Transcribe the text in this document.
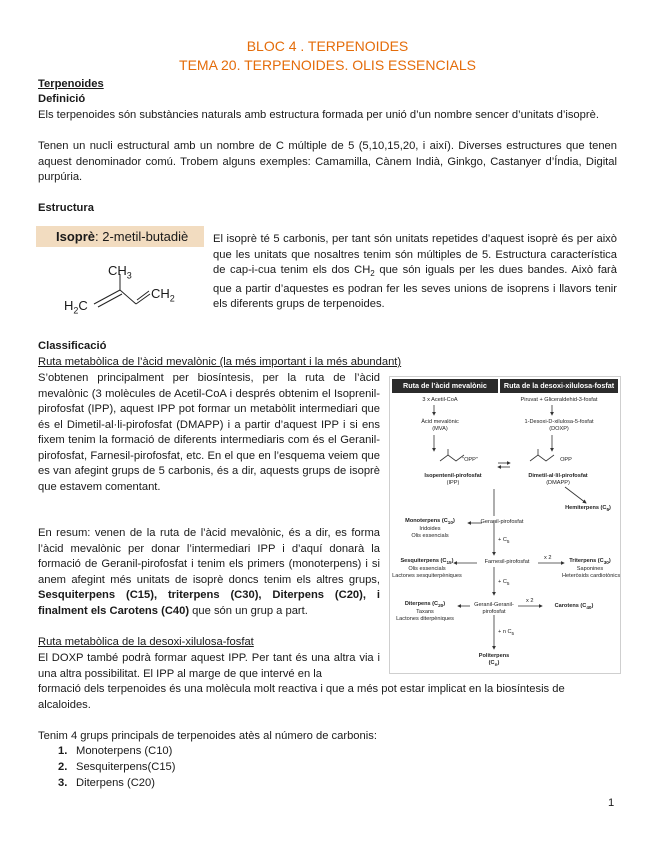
BLOC 4 . TERPENOIDES
TEMA 20. TERPENOIDES. OLIS ESSENCIALS
Terpenoides
Definició

Els terpenoides són substàncies naturals amb estructura formada per unió d’un nombre sencer d’unitats d’isoprè.

Tenen un nucli estructural amb un nombre de C múltiple de 5 (5,10,15,20, i així). Diverses estructures que tenen aquest denominador comú. Trobem alguns exemples: Camamilla, Cànem Indià, Ginkgo, Castanyer d’Índia, Digital purpúria.

Estructura
Isoprè: 2-metil-butadiè
$CH_3$
$H_2C$
$CH_2$

El isoprè té 5 carbonis, per tant són unitats repetides d’aquest isoprè és per això que les unitats que nosaltres tenim són múltiples de 5. Estructura característica de cap-i-cua tenim els dos $CH_2$ que són iguals per les dues bandes. Això farà que a partir d’aquestes es podran fer les seves unions de isoprens i llavors tenir els diferents grups de terpenoides.

Classificació
Ruta metabòlica de l’àcid mevalònic (la més important i la més abundant)

S’obtenen principalment per biosíntesis, per la ruta de l’àcid mevalònic (3 molècules de Acetil-CoA i després obtenim el Isoprenil-pirofosfat (IPP), aquest IPP pot formar un metabòlit intermediari que és el Dimetil-al·li-pirofosfat (DMAPP) i a partir d’aquest IPP i si ens fixem tenim la formació de diferents intermediaris com és el Geranil-pirofosfat, Farnesil-pirofosfat, etc. En el que en l’esquema veiem que es van afegint grups de 5 carbonis, és a dir, aquests grups de isoprè que estavem comentant.

En resum: venen de la ruta de l’àcid mevalònic, és a dir, es forma l’àcid mevalònic per donar l’intermediari IPP i d’aquí donarà la formació de Geranil-pirofosfat i tenim els primers (monoterpens) i si anem afegint més unitats de isoprè doncs tenim els altres grups, Sesquiterpens (C15), triterpens (C30), Diterpens (C20), i finalment els Carotens (C40) que són un grup a part.

Ruta metabòlica de la desoxi-xilulosa-fosfat

El DOXP també podrà formar aquest IPP. Per tant és una altra via i una altra possibilitat. El IPP al marge de que intervé en la

formació dels terpenoides és una molècula molt reactiva i que a més pot estar implicat en la biosíntesis de alcaloides.

Tenim 4 grups principals de terpenoides atès al número de carbonis:

1. Monoterpens (C10)
2. Sesquiterpens(C15)
3. Diterpens (C20)
Ruta de l’àcid mevalònic	Ruta de la desoxi-xilulosa-fosfat
3 x Acetil-CoA	Piruvat + Gliceraldehid-3-fosfat
Àcid mevalònic
(MVA)
1-Desoxi-D-xilulosa-5-fosfat
(DOXP)
“OPP”	OPP
Isopentenil-pirofosfat
(IPP)
Dimetil-al·lil-pirofosfat
(DMAPP)
Hemiterpens $(C_5)$
Monoterpens $(C_{10})$
Iridoides
Olis essencials
Geranil-pirofosfat
+ $C_5$
Sesquiterpens $(C_{15})$
Olis essencials
Lactones sesquiterpèniques
Farnesil-pirofosfat
x 2	Triterpens $(C_{30})$
Saponines
Heteròsids cardiotònics
+ $C_5$
Diterpens $(C_{20})$
Taxans
Lactones diterpèniques
Geranil-Geranil-
pirofosfat
x 2
Carotens $(C_{40})$
+ n $C_5$
Politerpens
$(C_n)$
1
